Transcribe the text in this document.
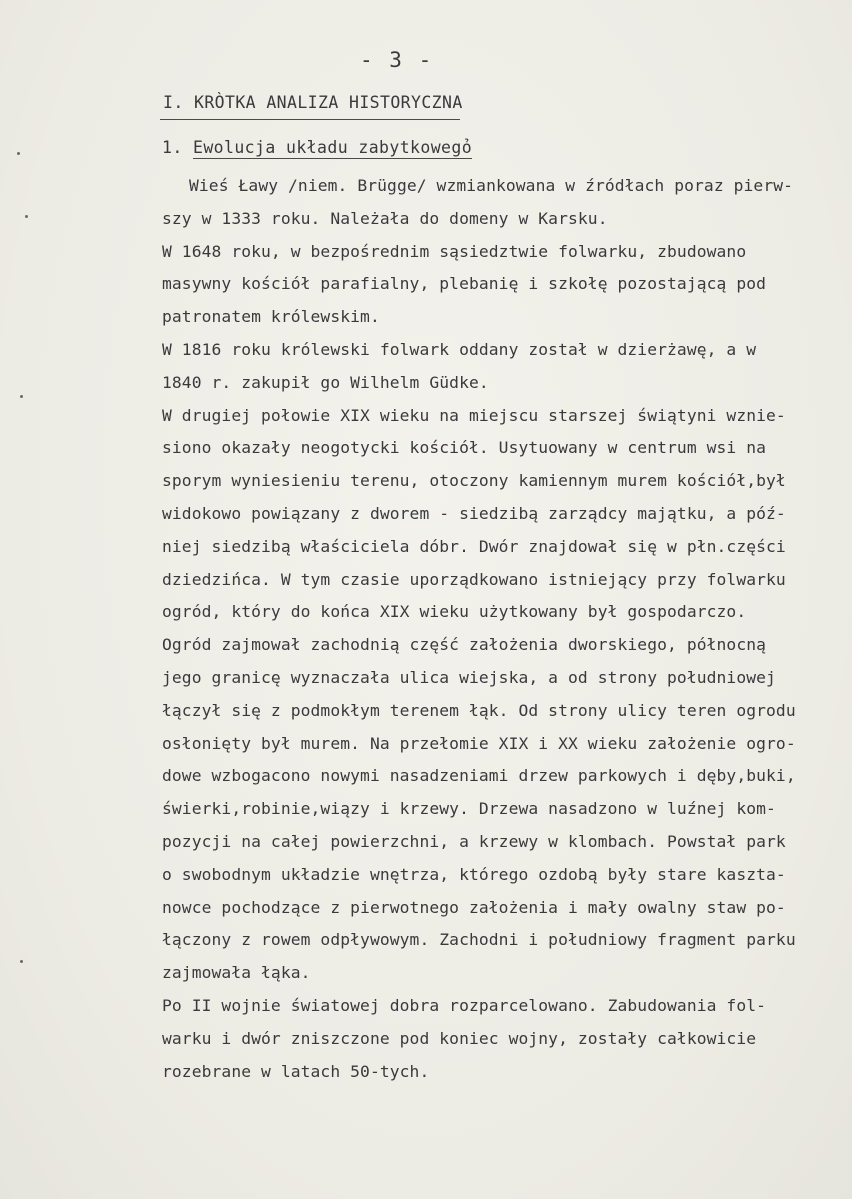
- 3 -
I. KRÒTKA ANALIZA HISTORYCZNA
1. Ewolucja układu zabytkowegỏ
Wieś Ławy /niem. Brügge/ wzmiankowana w źródłach poraz pierw-
szy w 1333 roku. Należała do domeny w Karsku.
W 1648 roku, w bezpośrednim sąsiedztwie folwarku, zbudowano
masywny kościół parafialny, plebanię i szkołę pozostającą pod
patronatem królewskim.
W 1816 roku królewski folwark oddany został w dzierżawę, a w
1840 r. zakupił go Wilhelm Güdke.
W drugiej połowie XIX wieku na miejscu starszej świątyni wznie-
siono okazały neogotycki kościół. Usytuowany w centrum wsi na
sporym wyniesieniu terenu, otoczony kamiennym murem kościół,był
widokowo powiązany z dworem - siedzibą zarządcy majątku, a póź-
niej siedzibą właściciela dóbr. Dwór znajdował się w płn.części
dziedzińca. W tym czasie uporządkowano istniejący przy folwarku
ogród, który do końca XIX wieku użytkowany był gospodarczo.
Ogród zajmował zachodnią część założenia dworskiego, północną
jego granicę wyznaczała ulica wiejska, a od strony południowej
łączył się z podmokłym terenem łąk. Od strony ulicy teren ogrodu
osłonięty był murem. Na przełomie XIX i XX wieku założenie ogro-
dowe wzbogacono nowymi nasadzeniami drzew parkowych i dęby,buki,
świerki,robinie,wiązy i krzewy. Drzewa nasadzono w luźnej kom-
pozycji na całej powierzchni, a krzewy w klombach. Powstał park
o swobodnym układzie wnętrza, którego ozdobą były stare kaszta-
nowce pochodzące z pierwotnego założenia i mały owalny staw po-
łączony z rowem odpływowym. Zachodni i południowy fragment parku
zajmowała łąka.
Po II wojnie światowej dobra rozparcelowano. Zabudowania fol-
warku i dwór zniszczone pod koniec wojny, zostały całkowicie
rozebrane w latach 50-tych.
